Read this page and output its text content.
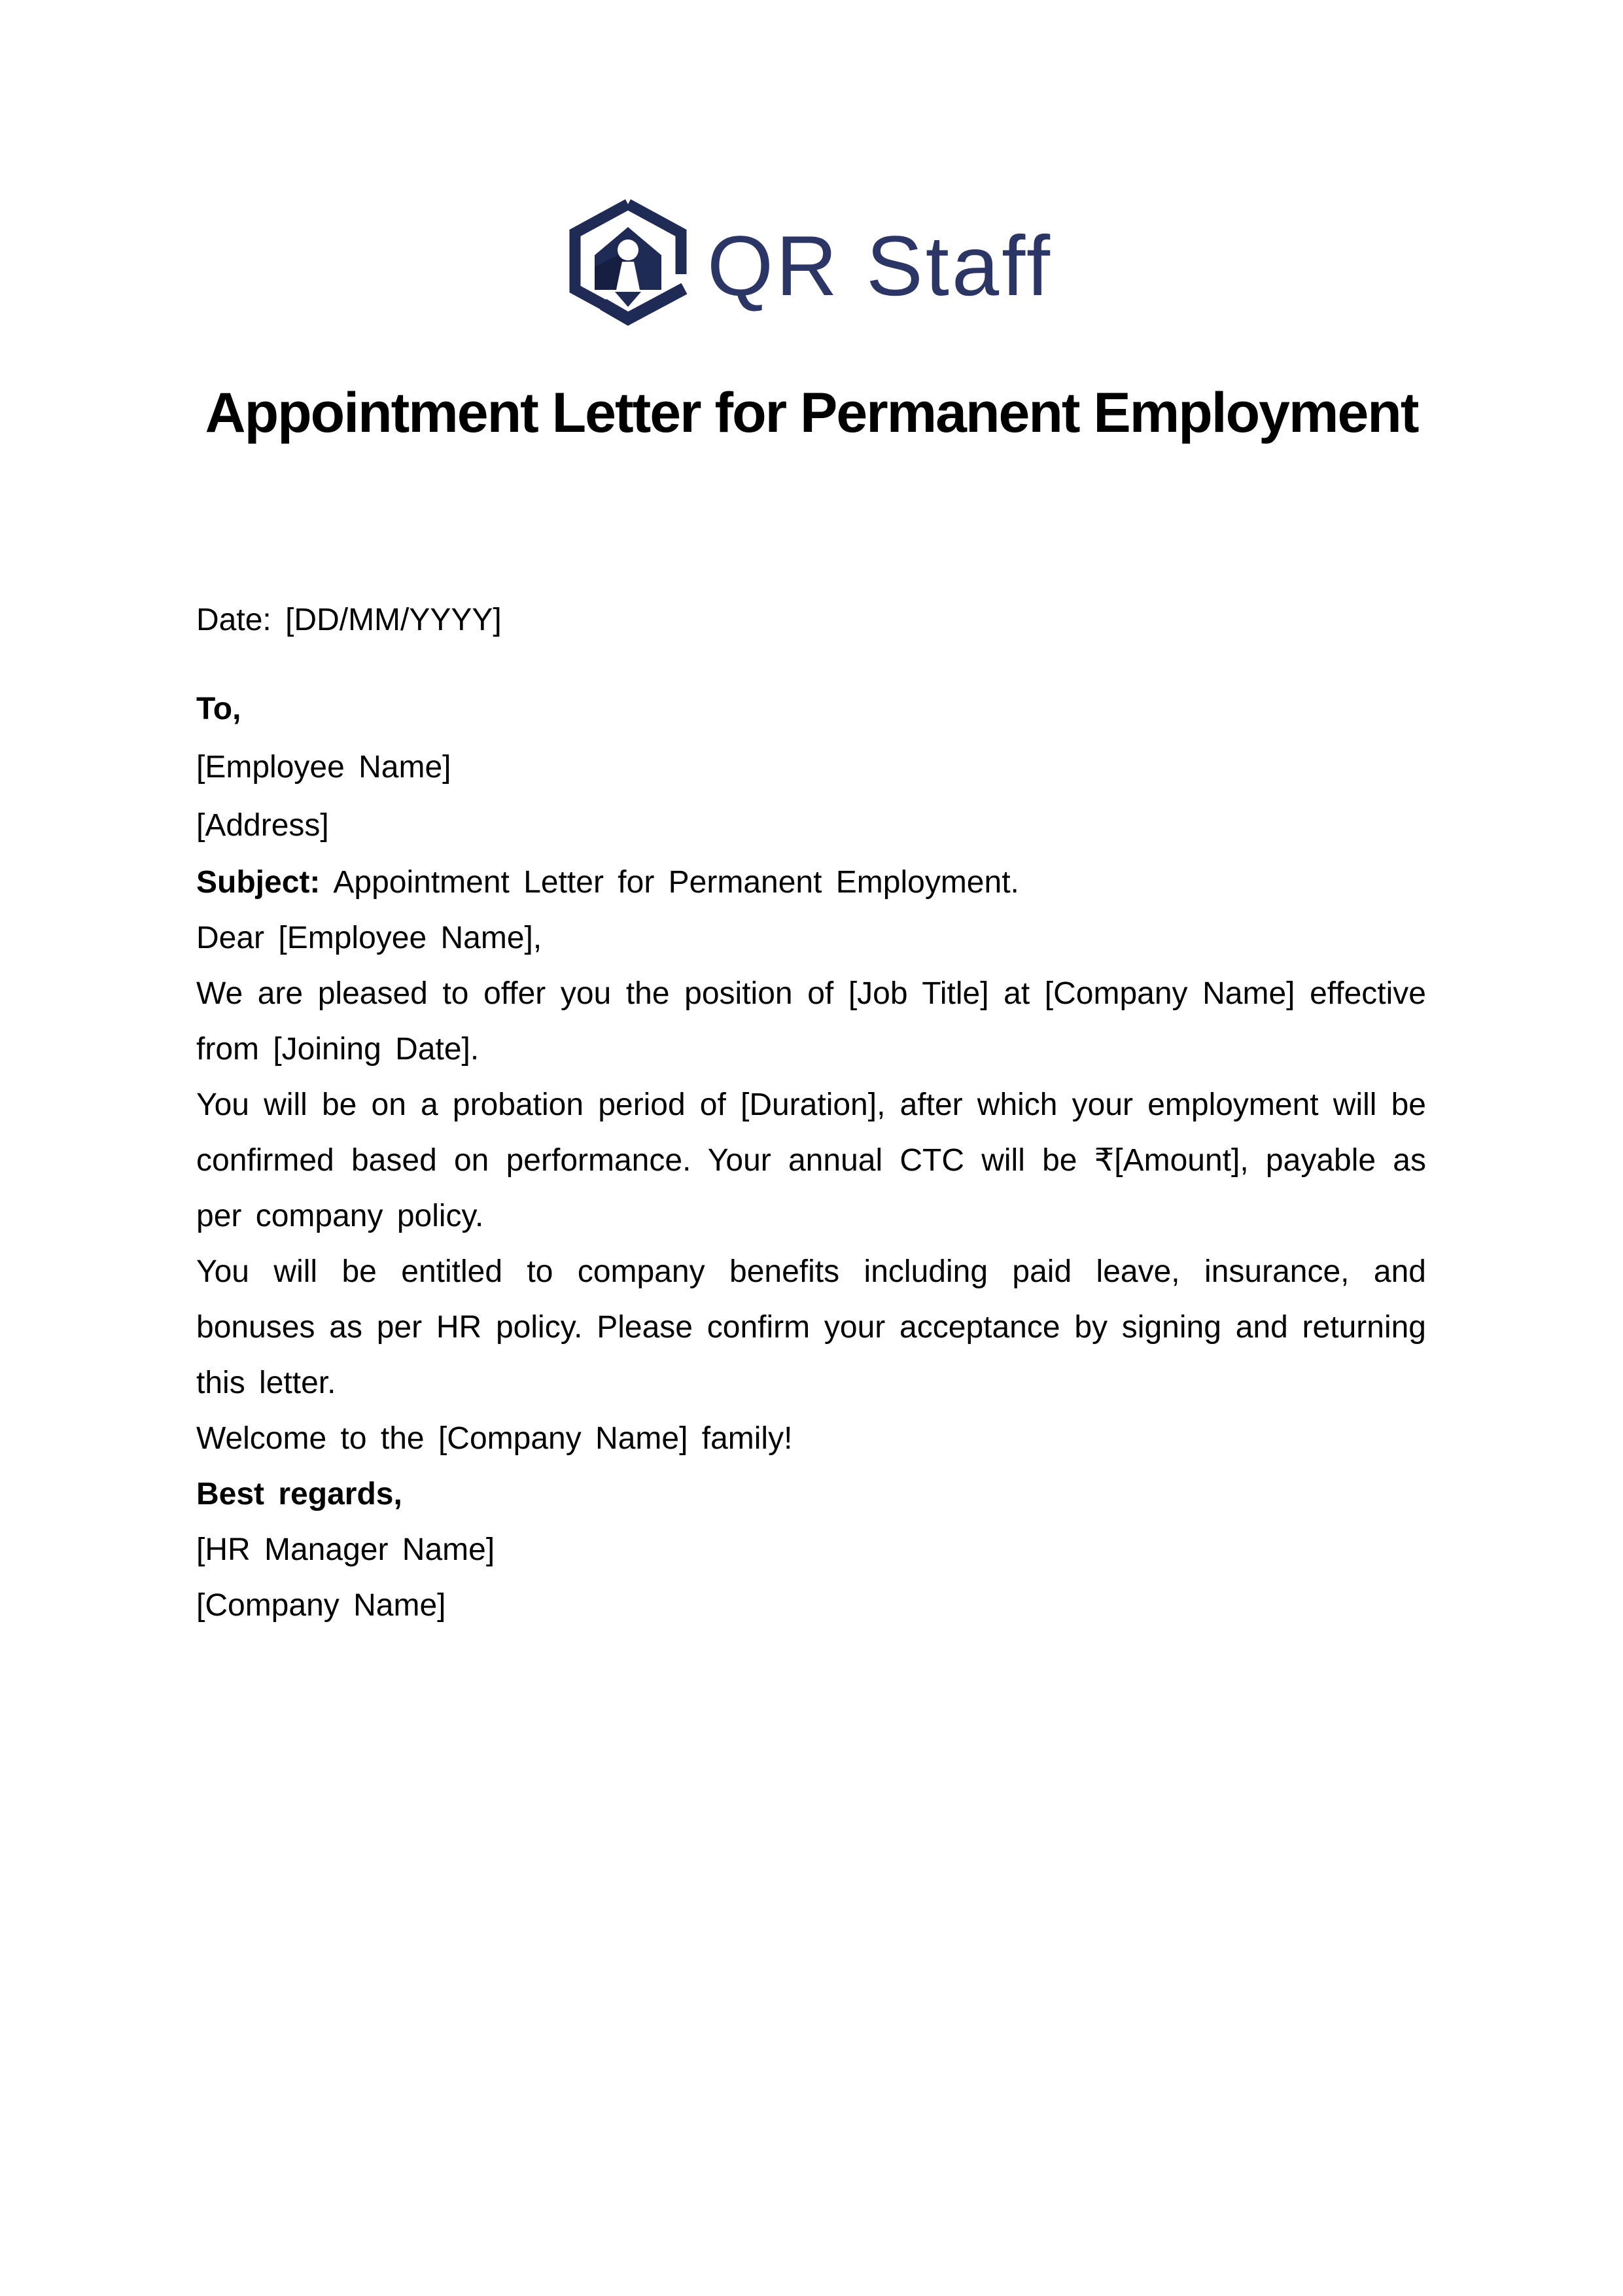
QR Staff
Appointment Letter for Permanent Employment

Date: [DD/MM/YYYY]

To,

[Employee Name]

[Address]

Subject: Appointment Letter for Permanent Employment.

Dear [Employee Name],

We are pleased to offer you the position of [Job Title] at [Company Name] effective from [Joining Date].

You will be on a probation period of [Duration], after which your employment will be confirmed based on performance. Your annual CTC will be ₹[Amount], payable as per company policy.

You will be entitled to company benefits including paid leave, insurance, and bonuses as per HR policy. Please confirm your acceptance by signing and returning this letter.

Welcome to the [Company Name] family!

Best regards,

[HR Manager Name]

[Company Name]
